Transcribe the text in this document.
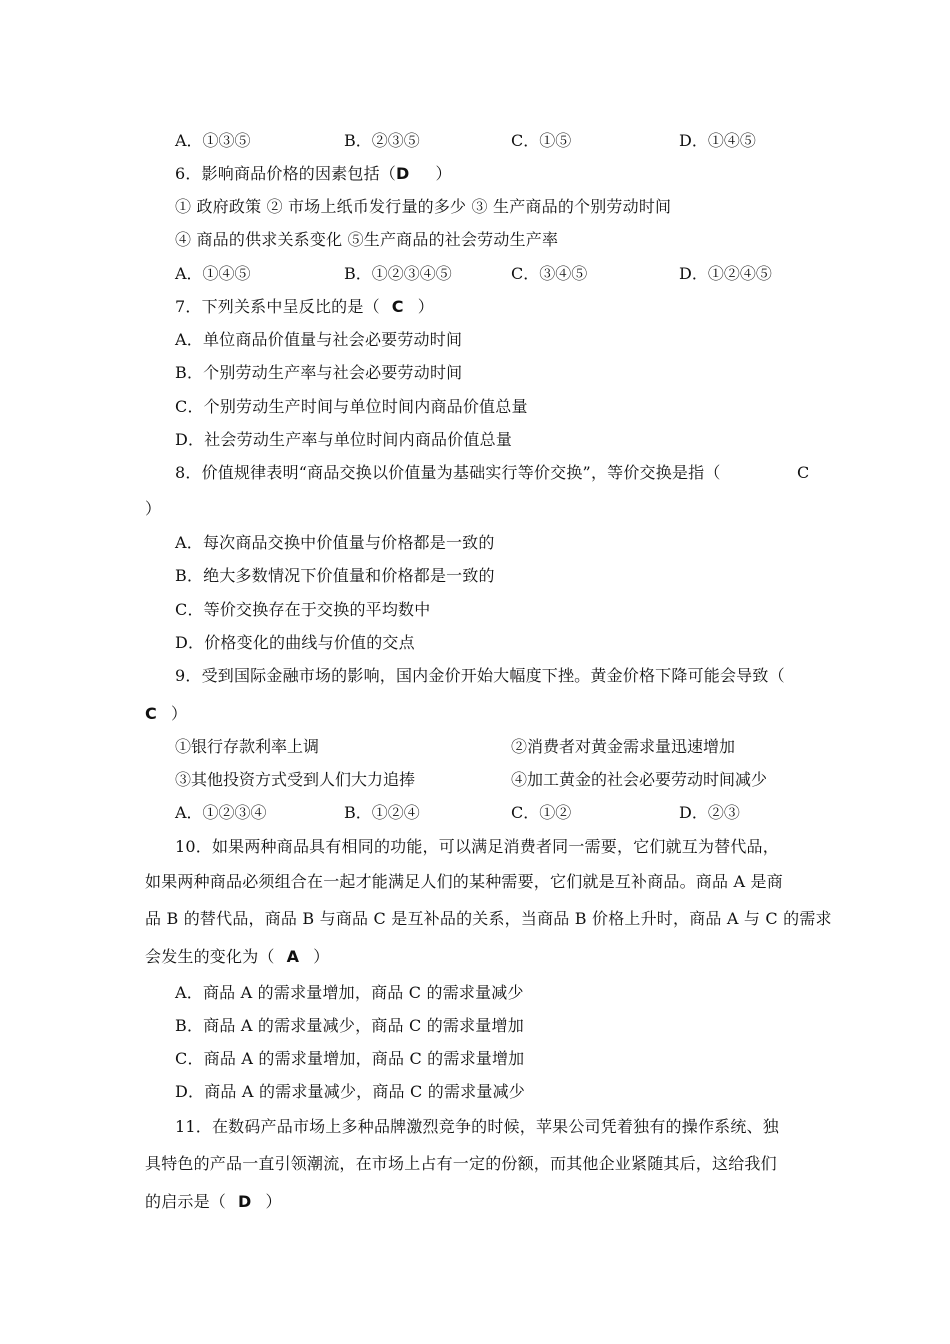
A．①③⑤	B．②③⑤	C．①⑤	D．①④⑤
6．影响商品价格的因素包括（D ）
① 政府政策 ② 市场上纸币发行量的多少 ③ 生产商品的个别劳动时间
④ 商品的供求关系变化 ⑤生产商品的社会劳动生产率
A．①④⑤	B．①②③④⑤	C．③④⑤	D．①②④⑤
7．下列关系中呈反比的是（ C ）
A．单位商品价值量与社会必要劳动时间
B．个别劳动生产率与社会必要劳动时间
C．个别劳动生产时间与单位时间内商品价值总量
D．社会劳动生产率与单位时间内商品价值总量
8．价值规律表明“商品交换以价值量为基础实行等价交换”，等价交换是指（	C
）
A．每次商品交换中价值量与价格都是一致的
B．绝大多数情况下价值量和价格都是一致的
C．等价交换存在于交换的平均数中
D．价格变化的曲线与价值的交点
9．受到国际金融市场的影响，国内金价开始大幅度下挫。黄金价格下降可能会导致（
C ）
①银行存款利率上调	②消费者对黄金需求量迅速增加
③其他投资方式受到人们大力追捧	④加工黄金的社会必要劳动时间减少
A．①②③④	B．①②④	C．①②	D．②③
10．如果两种商品具有相同的功能，可以满足消费者同一需要，它们就互为替代品，
如果两种商品必须组合在一起才能满足人们的某种需要，它们就是互补商品。商品 A 是商
品 B 的替代品，商品 B 与商品 C 是互补品的关系，当商品 B 价格上升时，商品 A 与 C 的需求
会发生的变化为（ A ）
A．商品 A 的需求量增加，商品 C 的需求量减少
B．商品 A 的需求量减少，商品 C 的需求量增加
C．商品 A 的需求量增加，商品 C 的需求量增加
D．商品 A 的需求量减少，商品 C 的需求量减少
11．在数码产品市场上多种品牌激烈竞争的时候，苹果公司凭着独有的操作系统、独
具特色的产品一直引领潮流，在市场上占有一定的份额，而其他企业紧随其后，这给我们
的启示是（ D ）
